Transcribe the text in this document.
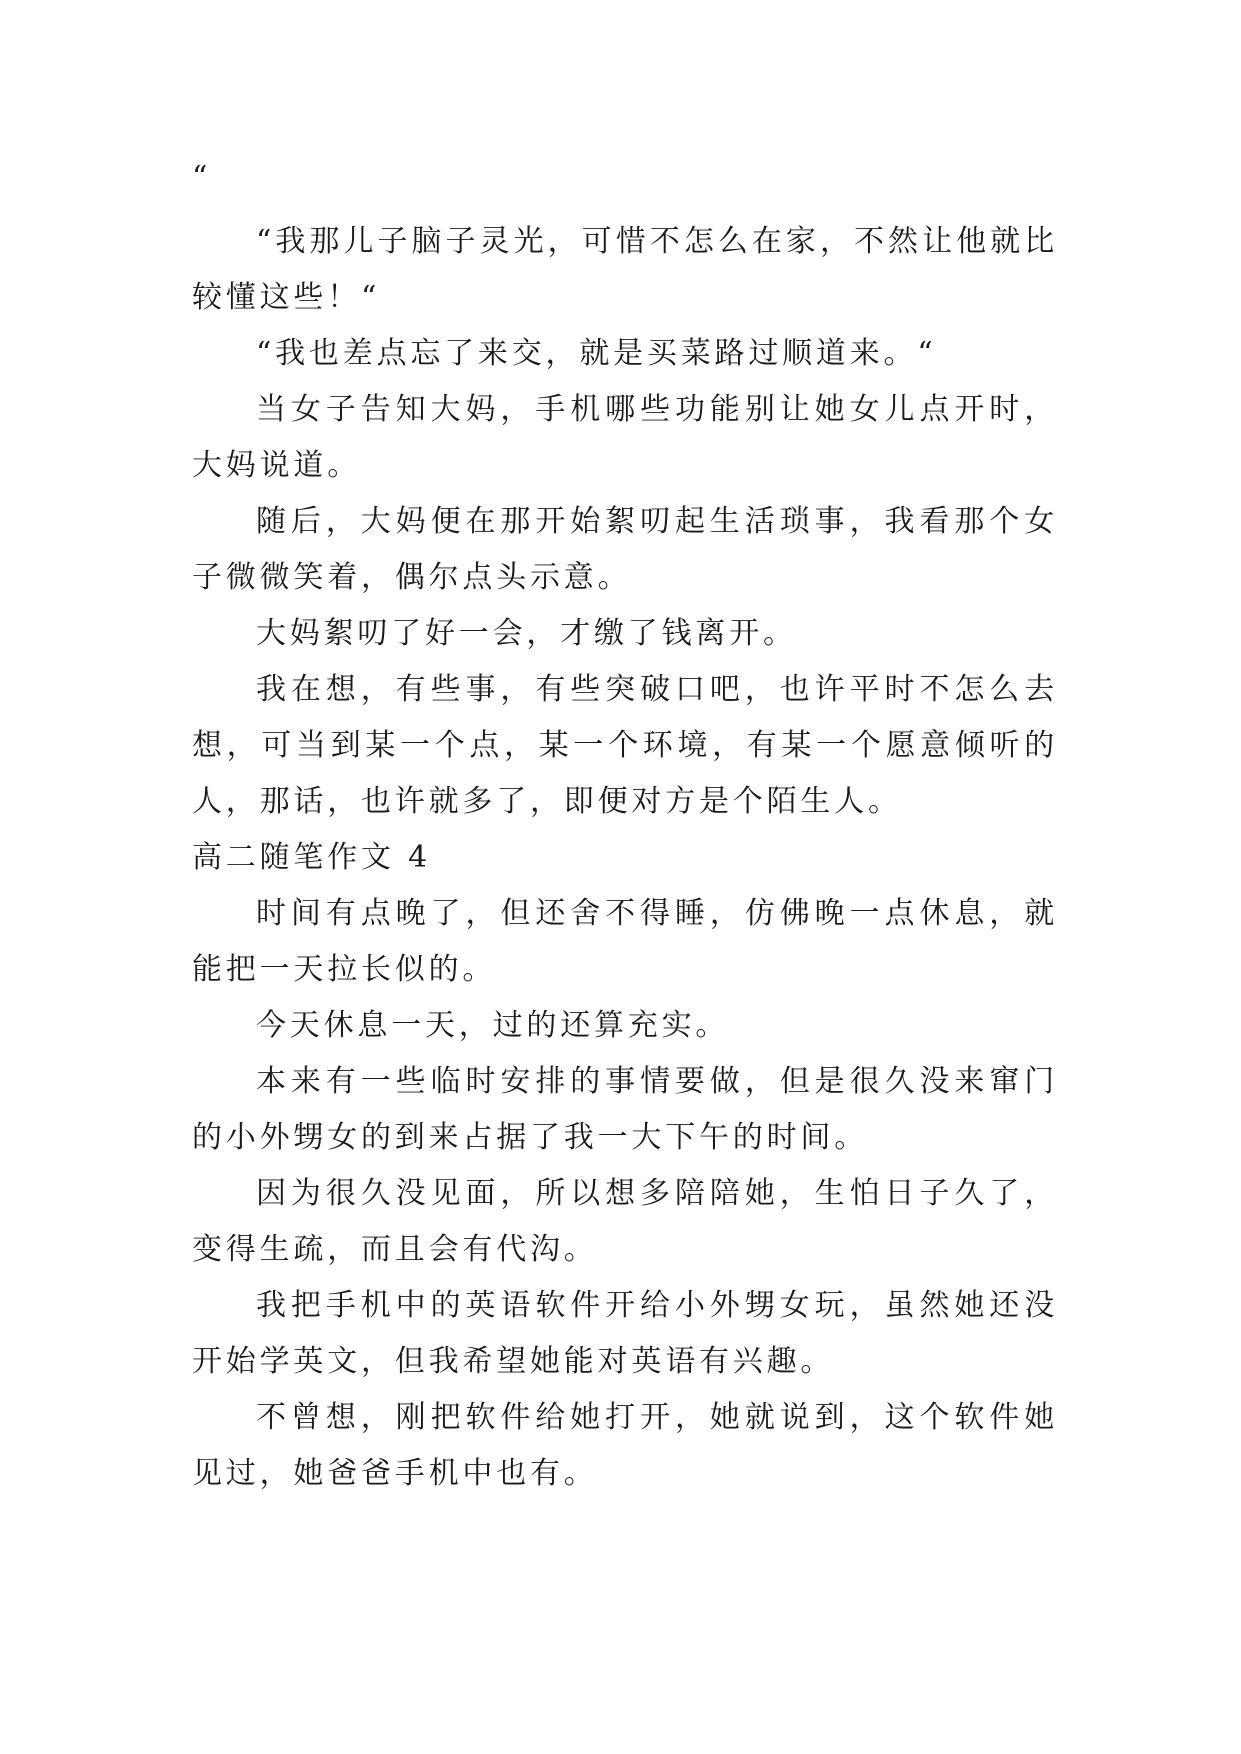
“

“我那儿子脑子灵光，可惜不怎么在家，不然让他就比较懂这些！“

“我也差点忘了来交，就是买菜路过顺道来。“

当女子告知大妈，手机哪些功能别让她女儿点开时，大妈说道。

随后，大妈便在那开始絮叨起生活琐事，我看那个女子微微笑着，偶尔点头示意。

大妈絮叨了好一会，才缴了钱离开。

我在想，有些事，有些突破口吧，也许平时不怎么去想，可当到某一个点，某一个环境，有某一个愿意倾听的人，那话，也许就多了，即便对方是个陌生人。

高二随笔作文 4

时间有点晚了，但还舍不得睡，仿佛晚一点休息，就能把一天拉长似的。

今天休息一天，过的还算充实。

本来有一些临时安排的事情要做，但是很久没来窜门的小外甥女的到来占据了我一大下午的时间。

因为很久没见面，所以想多陪陪她，生怕日子久了，变得生疏，而且会有代沟。

我把手机中的英语软件开给小外甥女玩，虽然她还没开始学英文，但我希望她能对英语有兴趣。

不曾想，刚把软件给她打开，她就说到，这个软件她见过，她爸爸手机中也有。
